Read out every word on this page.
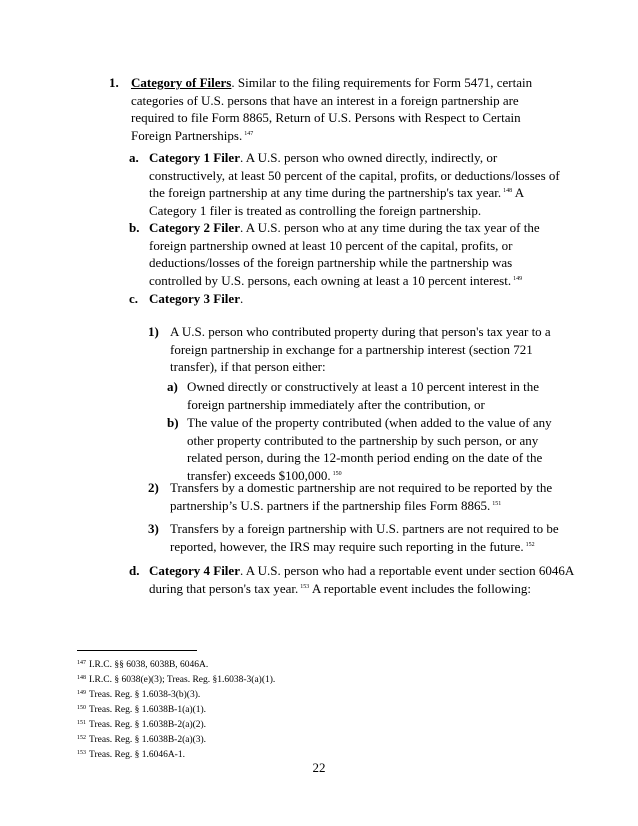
1. Category of Filers. Similar to the filing requirements for Form 5471, certain categories of U.S. persons that have an interest in a foreign partnership are required to file Form 8865, Return of U.S. Persons with Respect to Certain Foreign Partnerships. $^{147}$
a. Category 1 Filer. A U.S. person who owned directly, indirectly, or constructively, at least 50 percent of the capital, profits, or deductions/losses of the foreign partnership at any time during the partnership's tax year. $^{148}$ A Category 1 filer is treated as controlling the foreign partnership.
b. Category 2 Filer. A U.S. person who at any time during the tax year of the foreign partnership owned at least 10 percent of the capital, profits, or deductions/losses of the foreign partnership while the partnership was controlled by U.S. persons, each owning at least a 10 percent interest. $^{149}$
c. Category 3 Filer.
1) A U.S. person who contributed property during that person's tax year to a foreign partnership in exchange for a partnership interest (section 721 transfer), if that person either:
a) Owned directly or constructively at least a 10 percent interest in the foreign partnership immediately after the contribution, or
b) The value of the property contributed (when added to the value of any other property contributed to the partnership by such person, or any related person, during the 12-month period ending on the date of the transfer) exceeds $100,000. $^{150}$
2) Transfers by a domestic partnership are not required to be reported by the partnership’s U.S. partners if the partnership files Form 8865. $^{151}$
3) Transfers by a foreign partnership with U.S. partners are not required to be reported, however, the IRS may require such reporting in the future. $^{152}$
d. Category 4 Filer. A U.S. person who had a reportable event under section 6046A during that person's tax year. $^{153}$ A reportable event includes the following:
$^{147}$ I.R.C. §§ 6038, 6038B, 6046A.
$^{148}$ I.R.C. § 6038(e)(3); Treas. Reg. §1.6038-3(a)(1).
$^{149}$ Treas. Reg. § 1.6038-3(b)(3).
$^{150}$ Treas. Reg. § 1.6038B-1(a)(1).
$^{151}$ Treas. Reg. § 1.6038B-2(a)(2).
$^{152}$ Treas. Reg. § 1.6038B-2(a)(3).
$^{153}$ Treas. Reg. § 1.6046A-1.
22
